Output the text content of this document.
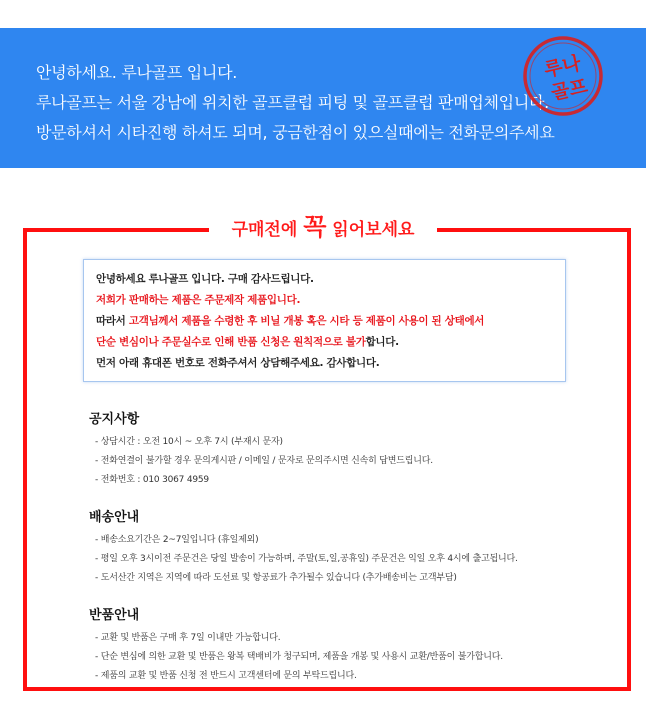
안녕하세요. 루나골프 입니다.
루나골프는 서울 강남에 위치한 골프클럽 피팅 및 골프클럽 판매업체입니다.
방문하셔서 시타진행 하셔도 되며, 궁금한점이 있으실때에는 전화문의주세요
루나
골프
구매전에 꼭 읽어보세요
안녕하세요 루나골프 입니다. 구매 감사드립니다.
저희가 판매하는 제품은 주문제작 제품입니다.
따라서 고객님께서 제품을 수령한 후 비닐 개봉 혹은 시타 등 제품이 사용이 된 상태에서
단순 변심이나 주문실수로 인해 반품 신청은 원칙적으로 불가합니다.
먼저 아래 휴대폰 번호로 전화주셔서 상담해주세요. 감사합니다.
공지사항
- 상담시간 : 오전 10시 ~ 오후 7시 (부재시 문자)
- 전화연결이 불가할 경우 문의게시판 / 이메일 / 문자로 문의주시면 신속히 답변드립니다.
- 전화번호 : 010 3067 4959
배송안내
- 배송소요기간은 2~7일입니다 (휴일제외)
- 평일 오후 3시이전 주문건은 당일 발송이 가능하며, 주말(토,일,공휴일) 주문건은 익일 오후 4시에 출고됩니다.
- 도서산간 지역은 지역에 따라 도선료 및 항공료가 추가될수 있습니다 (추가배송비는 고객부담)
반품안내
- 교환 및 반품은 구매 후 7일 이내만 가능합니다.
- 단순 변심에 의한 교환 및 반품은 왕복 택배비가 청구되며, 제품을 개봉 및 사용시 교환/반품이 불가합니다.
- 제품의 교환 및 반품 신청 전 반드시 고객센터에 문의 부탁드립니다.
